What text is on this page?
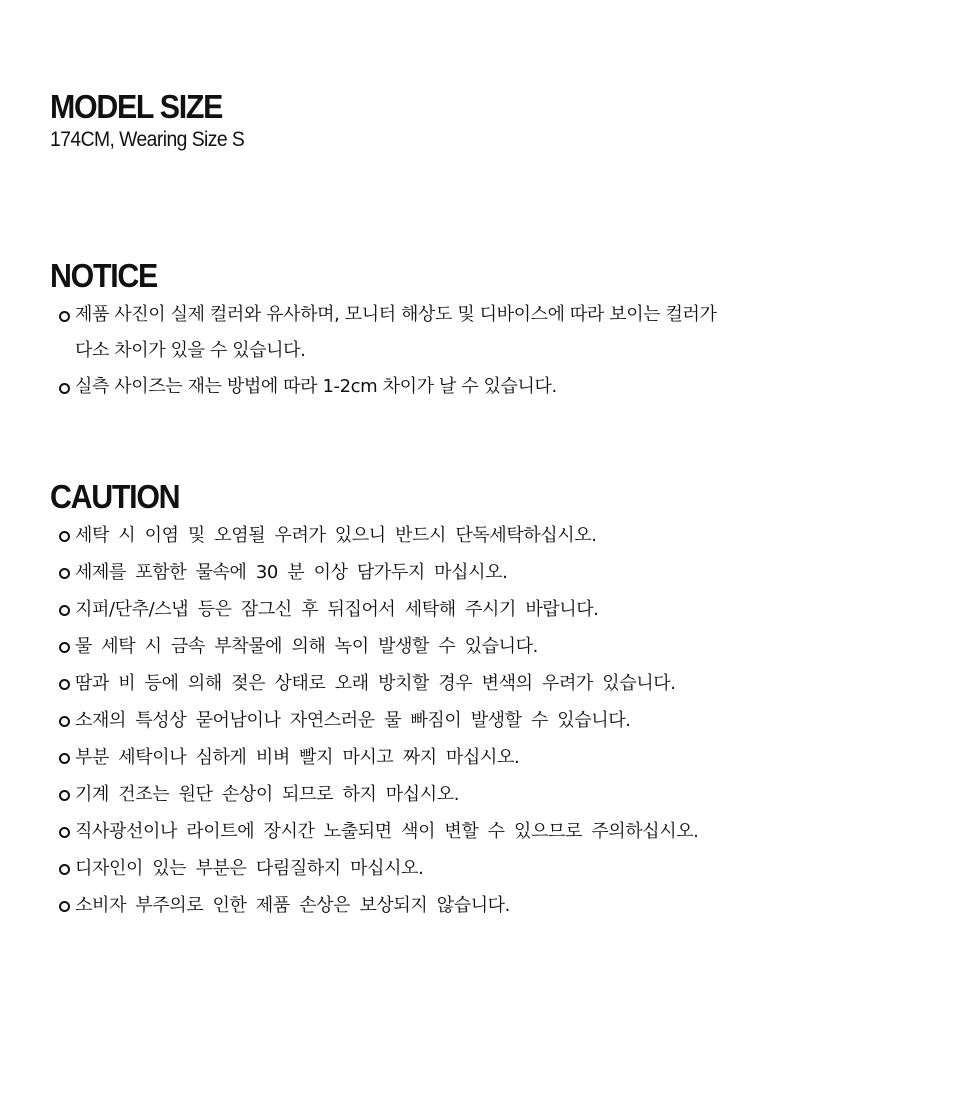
MODEL SIZE

174CM, Wearing Size S

NOTICE
제품 사진이 실제 컬러와 유사하며, 모니터 해상도 및 디바이스에 따라 보이는 컬러가 다소 차이가 있을 수 있습니다.
실측 사이즈는 재는 방법에 따라 1-2cm 차이가 날 수 있습니다.
CAUTION
세탁 시 이염 및 오염될 우려가 있으니 반드시 단독세탁하십시오.
세제를 포함한 물속에 30 분 이상 담가두지 마십시오.
지퍼/단추/스냅 등은 잠그신 후 뒤집어서 세탁해 주시기 바랍니다.
물 세탁 시 금속 부착물에 의해 녹이 발생할 수 있습니다.
땀과 비 등에 의해 젖은 상태로 오래 방치할 경우 변색의 우려가 있습니다.
소재의 특성상 묻어남이나 자연스러운 물 빠짐이 발생할 수 있습니다.
부분 세탁이나 심하게 비벼 빨지 마시고 짜지 마십시오.
기계 건조는 원단 손상이 되므로 하지 마십시오.
직사광선이나 라이트에 장시간 노출되면 색이 변할 수 있으므로 주의하십시오.
디자인이 있는 부분은 다림질하지 마십시오.
소비자 부주의로 인한 제품 손상은 보상되지 않습니다.
